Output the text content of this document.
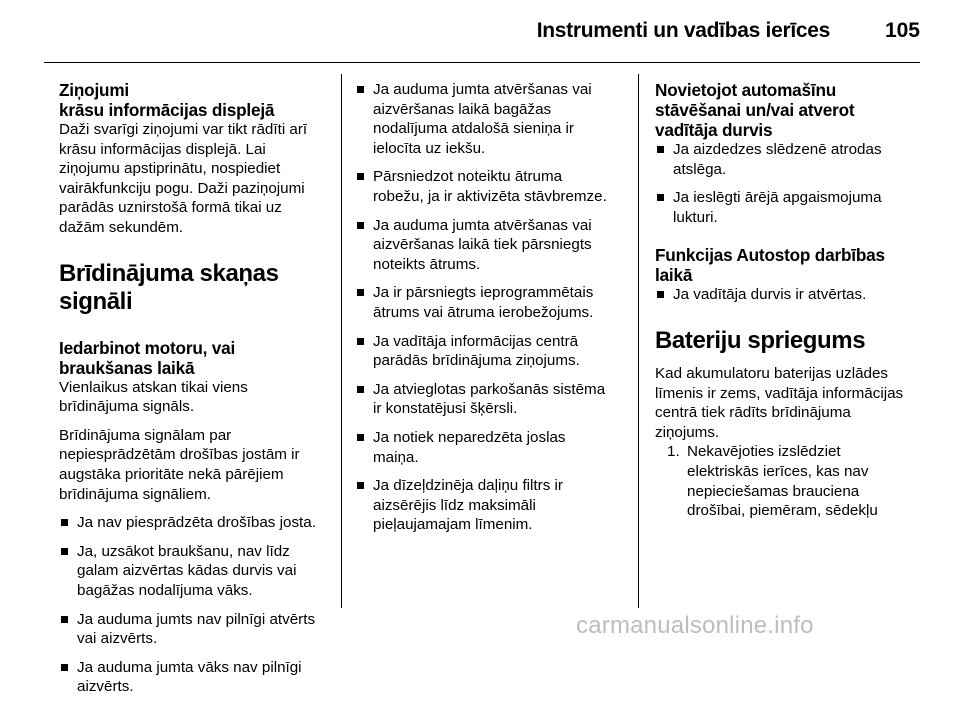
Instrumenti un vadības ierīces	105
Ziņojumi
krāsu informācijas displejā

Daži svarīgi ziņojumi var tikt rādīti arī
krāsu informācijas displejā. Lai
ziņojumu apstiprinātu, nospiediet
vairākfunkciju pogu. Daži paziņojumi
parādās uznirstošā formā tikai uz
dažām sekundēm.

Brīdinājuma skaņas signāli
Iedarbinot motoru, vai
braukšanas laikā

Vienlaikus atskan tikai viens
brīdinājuma signāls.

Brīdinājuma signālam par
nepiesprādzētām drošības jostām ir
augstāka prioritāte nekā pārējiem
brīdinājuma signāliem.

Ja nav piesprādzēta drošības josta.
Ja, uzsākot braukšanu, nav līdz
galam aizvērtas kādas durvis vai
bagāžas nodalījuma vāks.
Ja auduma jumts nav pilnīgi atvērts
vai aizvērts.
Ja auduma jumta vāks nav pilnīgi
aizvērts.
Ja auduma jumta atvēršanas vai
aizvēršanas laikā bagāžas
nodalījuma atdalošā sieniņa ir
ielocīta uz iekšu.
Pārsniedzot noteiktu ātruma
robežu, ja ir aktivizēta stāvbremze.
Ja auduma jumta atvēršanas vai
aizvēršanas laikā tiek pārsniegts
noteikts ātrums.
Ja ir pārsniegts ieprogrammētais
ātrums vai ātruma ierobežojums.
Ja vadītāja informācijas centrā
parādās brīdinājuma ziņojums.
Ja atvieglotas parkošanās sistēma
ir konstatējusi šķērsli.
Ja notiek neparedzēta joslas
maiņa.
Ja dīzeļdzinēja daļiņu filtrs ir
aizsērējis līdz maksimāli
pieļaujamajam līmenim.
Novietojot automašīnu
stāvēšanai un/vai atverot
vadītāja durvis
Ja aizdedzes slēdzenē atrodas
atslēga.
Ja ieslēgti ārējā apgaismojuma
lukturi.
Funkcijas Autostop darbības
laikā
Ja vadītāja durvis ir atvērtas.
Bateriju spriegums

Kad akumulatoru baterijas uzlādes
līmenis ir zems, vadītāja informācijas
centrā tiek rādīts brīdinājuma
ziņojums.

1. Nekavējoties izslēdziet
elektriskās ierīces, kas nav
nepieciešamas brauciena
drošībai, piemēram, sēdekļu
carmanualsonline.info
